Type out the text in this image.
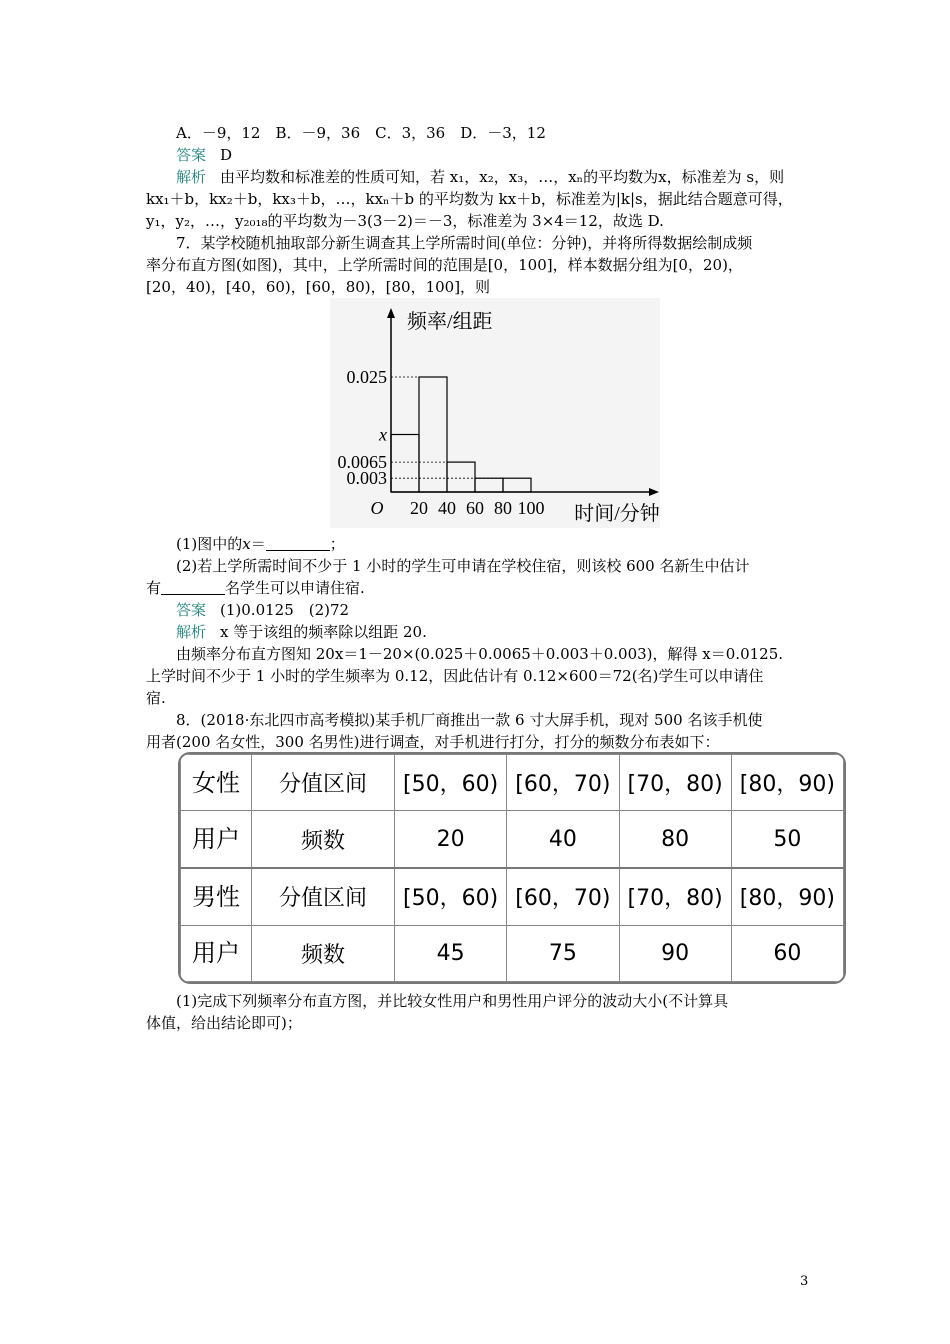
A．－9，12　B．－9，36　C．3，36　D．－3，12
答案 D
解析 由平均数和标准差的性质可知，若 x₁，x₂，x₃，…，xₙ的平均数为x，标准差为 s，则
kx₁＋b，kx₂＋b，kx₃＋b，…，kxₙ＋b 的平均数为 kx＋b，标准差为|k|s，据此结合题意可得，
y₁，y₂，…，y₂₀₁₈的平均数为－3(3－2)＝－3，标准差为 3×4＝12，故选 D.
7．某学校随机抽取部分新生调查其上学所需时间(单位：分钟)，并将所得数据绘制成频
率分布直方图(如图)，其中，上学所需时间的范围是[0，100]，样本数据分组为[0，20)，
[20，40)，[40，60)，[60，80)，[80，100]，则
0.025
x
0.0065
0.003
20 40 60 80 100
O
频率/组距
时间/分钟
(1)图中的x＝	；
(2)若上学所需时间不少于 1 小时的学生可申请在学校住宿，则该校 600 名新生中估计
有	名学生可以申请住宿.
答案 (1)0.0125　(2)72
解析 x 等于该组的频率除以组距 20.
由频率分布直方图知 20x＝1－20×(0.025＋0.0065＋0.003＋0.003)，解得 x＝0.0125.
上学时间不少于 1 小时的学生频率为 0.12，因此估计有 0.12×600＝72(名)学生可以申请住
宿.
8．(2018·东北四市高考模拟)某手机厂商推出一款 6 寸大屏手机，现对 500 名该手机使
用者(200 名女性，300 名男性)进行调查，对手机进行打分，打分的频数分布表如下：
女性	分值区间	[50，60)	[60，70)	[70，80)	[80，90)
用户	频数	20	40	80	50
男性	分值区间	[50，60)	[60，70)	[70，80)	[80，90)
用户	频数	45	75	90	60
(1)完成下列频率分布直方图，并比较女性用户和男性用户评分的波动大小(不计算具
体值，给出结论即可)；
3
